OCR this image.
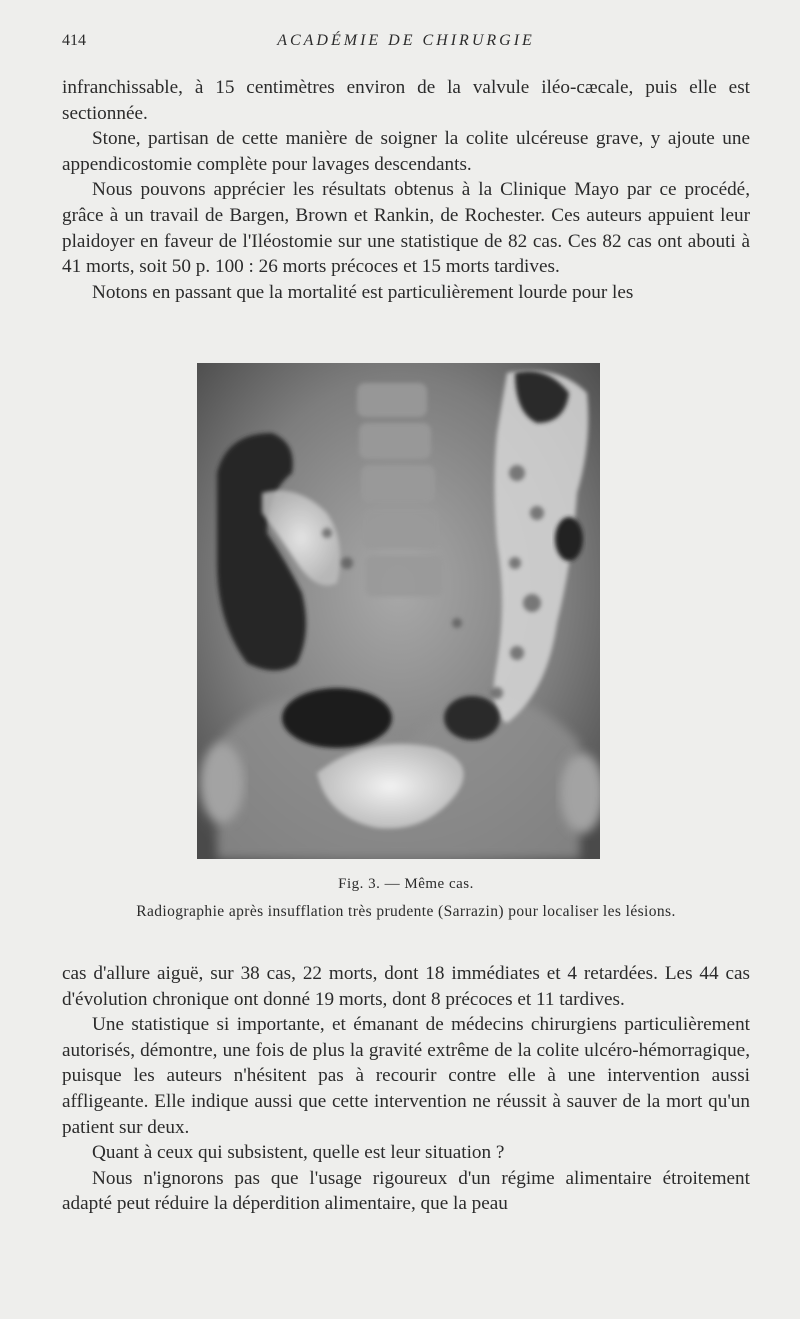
414	ACADÉMIE DE CHIRURGIE

infranchissable, à 15 centimètres environ de la valvule iléo-cæcale, puis elle est sectionnée.

Stone, partisan de cette manière de soigner la colite ulcéreuse grave, y ajoute une appendicostomie complète pour lavages descendants.

Nous pouvons apprécier les résultats obtenus à la Clinique Mayo par ce procédé, grâce à un travail de Bargen, Brown et Rankin, de Rochester. Ces auteurs appuient leur plaidoyer en faveur de l'Iléostomie sur une statistique de 82 cas. Ces 82 cas ont abouti à 41 morts, soit 50 p. 100 : 26 morts précoces et 15 morts tardives.

Notons en passant que la mortalité est particulièrement lourde pour les

Fig. 3. — Même cas.
Radiographie après insufflation très prudente (Sarrazin) pour localiser les lésions.

cas d'allure aiguë, sur 38 cas, 22 morts, dont 18 immédiates et 4 retardées. Les 44 cas d'évolution chronique ont donné 19 morts, dont 8 précoces et 11 tardives.

Une statistique si importante, et émanant de médecins chirurgiens particulièrement autorisés, démontre, une fois de plus la gravité extrême de la colite ulcéro-hémorragique, puisque les auteurs n'hésitent pas à recourir contre elle à une intervention aussi affligeante. Elle indique aussi que cette intervention ne réussit à sauver de la mort qu'un patient sur deux.

Quant à ceux qui subsistent, quelle est leur situation ?

Nous n'ignorons pas que l'usage rigoureux d'un régime alimentaire étroitement adapté peut réduire la déperdition alimentaire, que la peau
